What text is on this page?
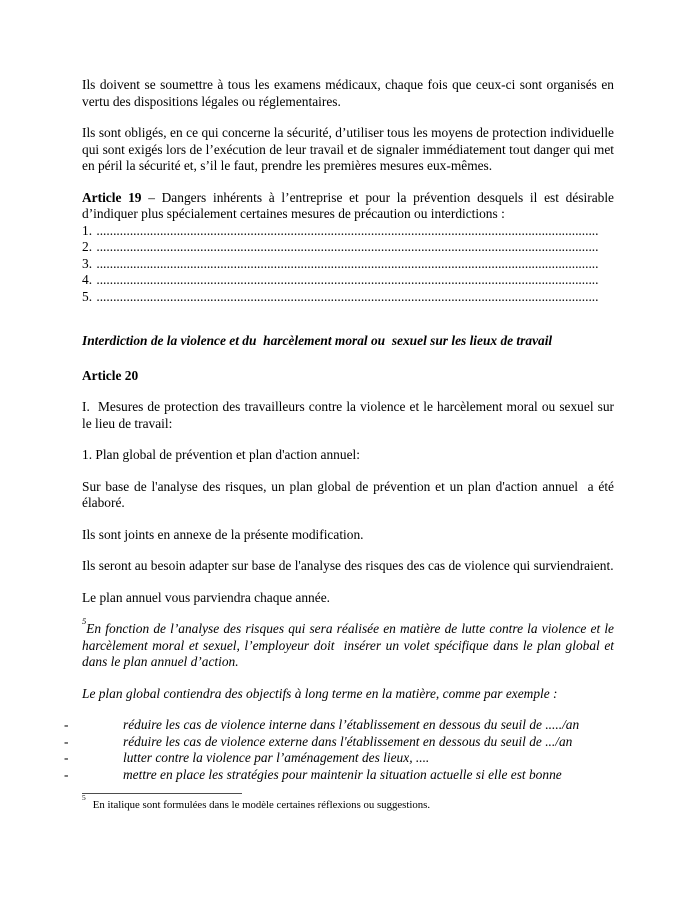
Ils doivent se soumettre à tous les examens médicaux, chaque fois que ceux-ci sont organisés en vertu des dispositions légales ou réglementaires.

Ils sont obligés, en ce qui concerne la sécurité, d’utiliser tous les moyens de protection individuelle qui sont exigés lors de l’exécution de leur travail et de signaler immédiatement tout danger qui met en péril la sécurité et, s’il le faut, prendre les premières mesures eux-mêmes.

Article 19 – Dangers inhérents à l’entreprise et pour la prévention desquels il est désirable d’indiquer plus spécialement certaines mesures de précaution ou interdictions :

1. ......................................................................................................................................................

2. ......................................................................................................................................................

3. ......................................................................................................................................................

4. ......................................................................................................................................................

5. ......................................................................................................................................................

Interdiction de la violence et du  harcèlement moral ou  sexuel sur les lieux de travail

Article 20

I.  Mesures de protection des travailleurs contre la violence et le harcèlement moral ou sexuel sur le lieu de travail:

1. Plan global de prévention et plan d'action annuel:

Sur base de l'analyse des risques, un plan global de prévention et un plan d'action annuel  a été élaboré.

Ils sont joints en annexe de la présente modification.

Ils seront au besoin adapter sur base de l'analyse des risques des cas de violence qui surviendraient.

Le plan annuel vous parviendra chaque année.

$^5$En fonction de l’analyse des risques qui sera réalisée en matière de lutte contre la violence et le harcèlement moral et sexuel, l’employeur doit  insérer un volet spécifique dans le plan global et dans le plan annuel d’action.

Le plan global contiendra des objectifs à long terme en la matière, comme par exemple :

-	réduire les cas de violence interne dans l’établissement en dessous du seuil de ...../an

-	réduire les cas de violence externe dans l'établissement en dessous du seuil de .../an

-	lutter contre la violence par l’aménagement des lieux, ....

-	mettre en place les stratégies pour maintenir la situation actuelle si elle est bonne

$^5$En italique sont formulées dans le modèle certaines réflexions ou suggestions.
